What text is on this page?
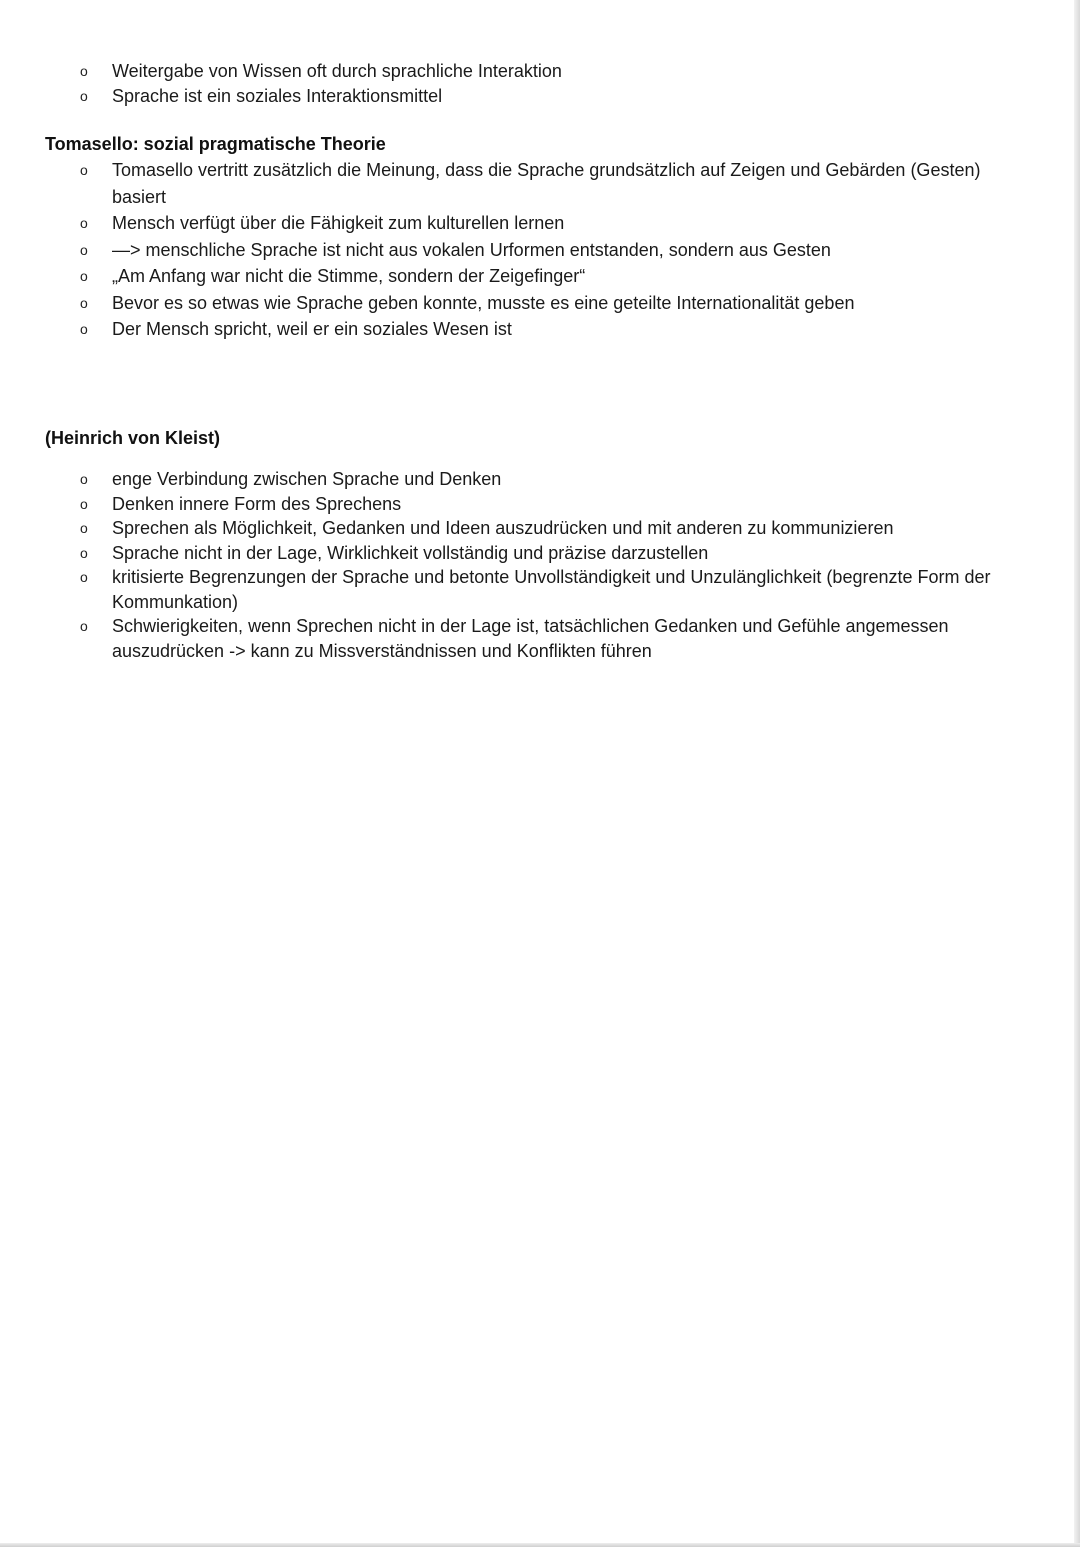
o Weitergabe von Wissen oft durch sprachliche Interaktion
o Sprache ist ein soziales Interaktionsmittel
Tomasello: sozial pragmatische Theorie
o Tomasello vertritt zusätzlich die Meinung, dass die Sprache grundsätzlich auf Zeigen und Gebärden (Gesten) basiert
o Mensch verfügt über die Fähigkeit zum kulturellen lernen
o —> menschliche Sprache ist nicht aus vokalen Urformen entstanden, sondern aus Gesten
o „Am Anfang war nicht die Stimme, sondern der Zeigefinger“
o Bevor es so etwas wie Sprache geben konnte, musste es eine geteilte Internationalität geben
o Der Mensch spricht, weil er ein soziales Wesen ist
(Heinrich von Kleist)
o enge Verbindung zwischen Sprache und Denken
o Denken innere Form des Sprechens
o Sprechen als Möglichkeit, Gedanken und Ideen auszudrücken und mit anderen zu kommunizieren
o Sprache nicht in der Lage, Wirklichkeit vollständig und präzise darzustellen
o kritisierte Begrenzungen der Sprache und betonte Unvollständigkeit und Unzulänglichkeit (begrenzte Form der Kommunkation)
o Schwierigkeiten, wenn Sprechen nicht in der Lage ist, tatsächlichen Gedanken und Gefühle angemessen auszudrücken -> kann zu Missverständnissen und Konflikten führen
